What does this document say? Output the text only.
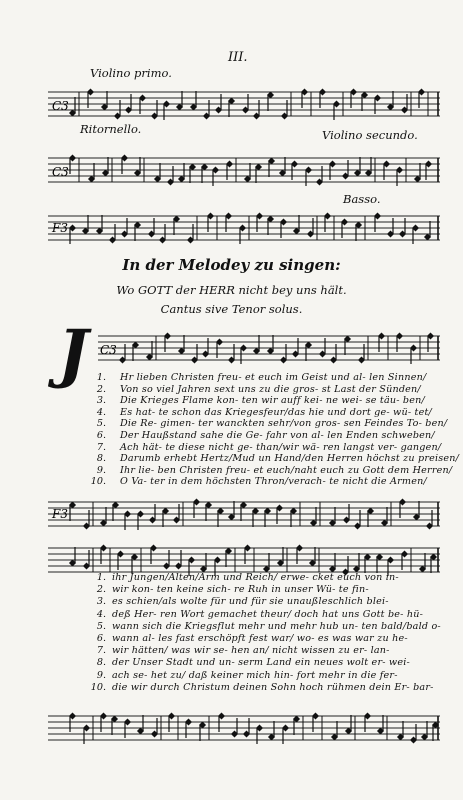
III.
Violino primo.
Ritornello.	Violino secundo.
Basso.
In der Melodey zu singen:
Wo GOTT der HERR nicht bey uns hält.
Cantus sive Tenor solus.
J
C3
C3
F3
C3
1. Hr lieben Christen freu- et euch im Geist und al- len Sinnen/
2. Von so viel Jahren sext uns zu die gros- st Last der Sünden/
3. Die Krieges Flame kon- ten wir auff kei- ne wei- se täu- ben/
4. Es hat- te schon das Kriegesfeur/das hie und dort ge- wü- tet/
5. Die Re- gimen- ter wanckten sehr/von gros- sen Feindes To- ben/
6. Der Haußstand sahe die Ge- fahr von al- len Enden schweben/
7. Ach hät- te diese nicht ge- than/wir wä- ren langst ver- gangen/
8. Darumb erhebt Hertz/Mud un Hand/den Herren höchst zu preisen/
9. Ihr lie- ben Christen freu- et euch/naht euch zu Gott dem Herren/
10. O Va- ter in dem höchsten Thron/verach- te nicht die Armen/
F3
1. ihr Jungen/Alten/Arm und Reich/ erwe- cket euch von in-
2. wir kon- ten keine sich- re Ruh in unser Wü- te fin-
3. es schien/als wolte für und für sie unaußleschlich blei-
4. deß Her- ren Wort gemachet theur/ doch hat uns Gott be- hü-
5. wann sich die Kriegsflut mehr und mehr hub un- ten bald/bald o-
6. wann al- les fast erschöpft fest war/ wo- es was war zu he-
7. wir hätten/ was wir se- hen an/ nicht wissen zu er- lan-
8. der Unser Stadt und un- serm Land ein neues wolt er- wei-
9. ach se- het zu/ daß keiner mich hin- fort mehr in die fer-
10. die wir durch Christum deinen Sohn hoch rühmen dein Er- bar-
